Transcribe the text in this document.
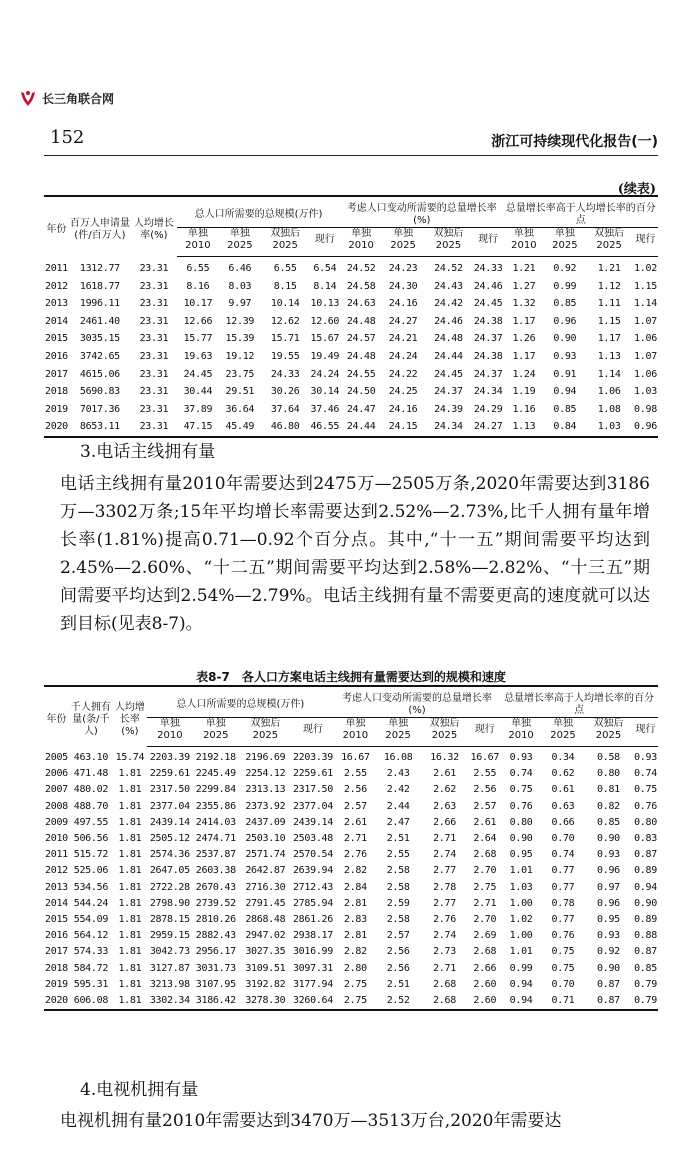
长三角联合网
152	浙江可持续现代化报告(一)
(续表)
年份	百万人申请量(件/百万人)	人均增长率(%)	总人口所需要的总规模(万件)				考虑人口变动所需要的总量增长率(%)				总量增长率高于人均增长率的百分点			
			单独2010	单独2025	双独后2025	现行	单独2010	单独2025	双独后2025	现行	单独2010	单独2025	双独后2025	现行
2011	1312.77	23.31	6.55	6.46	6.55	6.54	24.52	24.23	24.52	24.33	1.21	0.92	1.21	1.02
2012	1618.77	23.31	8.16	8.03	8.15	8.14	24.58	24.30	24.43	24.46	1.27	0.99	1.12	1.15
2013	1996.11	23.31	10.17	9.97	10.14	10.13	24.63	24.16	24.42	24.45	1.32	0.85	1.11	1.14
2014	2461.40	23.31	12.66	12.39	12.62	12.60	24.48	24.27	24.46	24.38	1.17	0.96	1.15	1.07
2015	3035.15	23.31	15.77	15.39	15.71	15.67	24.57	24.21	24.48	24.37	1.26	0.90	1.17	1.06
2016	3742.65	23.31	19.63	19.12	19.55	19.49	24.48	24.24	24.44	24.38	1.17	0.93	1.13	1.07
2017	4615.06	23.31	24.45	23.75	24.33	24.24	24.55	24.22	24.45	24.37	1.24	0.91	1.14	1.06
2018	5690.83	23.31	30.44	29.51	30.26	30.14	24.50	24.25	24.37	24.34	1.19	0.94	1.06	1.03
2019	7017.36	23.31	37.89	36.64	37.64	37.46	24.47	24.16	24.39	24.29	1.16	0.85	1.08	0.98
2020	8653.11	23.31	47.15	45.49	46.80	46.55	24.44	24.15	24.34	24.27	1.13	0.84	1.03	0.96
3.电话主线拥有量
电话主线拥有量2010年需要达到2475万—2505万条,2020年需要达到3186万—3302万条;15年平均增长率需要达到2.52%—2.73%,比千人拥有量年增长率(1.81%)提高0.71—0.92个百分点。其中,“十一五”期间需要平均达到2.45%—2.60%、“十二五”期间需要平均达到2.58%—2.82%、“十三五”期间需要平均达到2.54%—2.79%。电话主线拥有量不需要更高的速度就可以达到目标(见表8-7)。
表8-7　各人口方案电话主线拥有量需要达到的规模和速度
年份	千人拥有量(条/千人)	人均增长率(%)	总人口所需要的总规模(万件)				考虑人口变动所需要的总量增长率(%)				总量增长率高于人均增长率的百分点			
			单独2010	单独2025	双独后2025	现行	单独2010	单独2025	双独后2025	现行	单独2010	单独2025	双独后2025	现行
2005	463.10	15.74	2203.39	2192.18	2196.69	2203.39	16.67	16.08	16.32	16.67	0.93	0.34	0.58	0.93
2006	471.48	1.81	2259.61	2245.49	2254.12	2259.61	2.55	2.43	2.61	2.55	0.74	0.62	0.80	0.74
2007	480.02	1.81	2317.50	2299.84	2313.13	2317.50	2.56	2.42	2.62	2.56	0.75	0.61	0.81	0.75
2008	488.70	1.81	2377.04	2355.86	2373.92	2377.04	2.57	2.44	2.63	2.57	0.76	0.63	0.82	0.76
2009	497.55	1.81	2439.14	2414.03	2437.09	2439.14	2.61	2.47	2.66	2.61	0.80	0.66	0.85	0.80
2010	506.56	1.81	2505.12	2474.71	2503.10	2503.48	2.71	2.51	2.71	2.64	0.90	0.70	0.90	0.83
2011	515.72	1.81	2574.36	2537.87	2571.74	2570.54	2.76	2.55	2.74	2.68	0.95	0.74	0.93	0.87
2012	525.06	1.81	2647.05	2603.38	2642.87	2639.94	2.82	2.58	2.77	2.70	1.01	0.77	0.96	0.89
2013	534.56	1.81	2722.28	2670.43	2716.30	2712.43	2.84	2.58	2.78	2.75	1.03	0.77	0.97	0.94
2014	544.24	1.81	2798.90	2739.52	2791.45	2785.94	2.81	2.59	2.77	2.71	1.00	0.78	0.96	0.90
2015	554.09	1.81	2878.15	2810.26	2868.48	2861.26	2.83	2.58	2.76	2.70	1.02	0.77	0.95	0.89
2016	564.12	1.81	2959.15	2882.43	2947.02	2938.17	2.81	2.57	2.74	2.69	1.00	0.76	0.93	0.88
2017	574.33	1.81	3042.73	2956.17	3027.35	3016.99	2.82	2.56	2.73	2.68	1.01	0.75	0.92	0.87
2018	584.72	1.81	3127.87	3031.73	3109.51	3097.31	2.80	2.56	2.71	2.66	0.99	0.75	0.90	0.85
2019	595.31	1.81	3213.98	3107.95	3192.82	3177.94	2.75	2.51	2.68	2.60	0.94	0.70	0.87	0.79
2020	606.08	1.81	3302.34	3186.42	3278.30	3260.64	2.75	2.52	2.68	2.60	0.94	0.71	0.87	0.79
4.电视机拥有量
电视机拥有量2010年需要达到3470万—3513万台,2020年需要达
